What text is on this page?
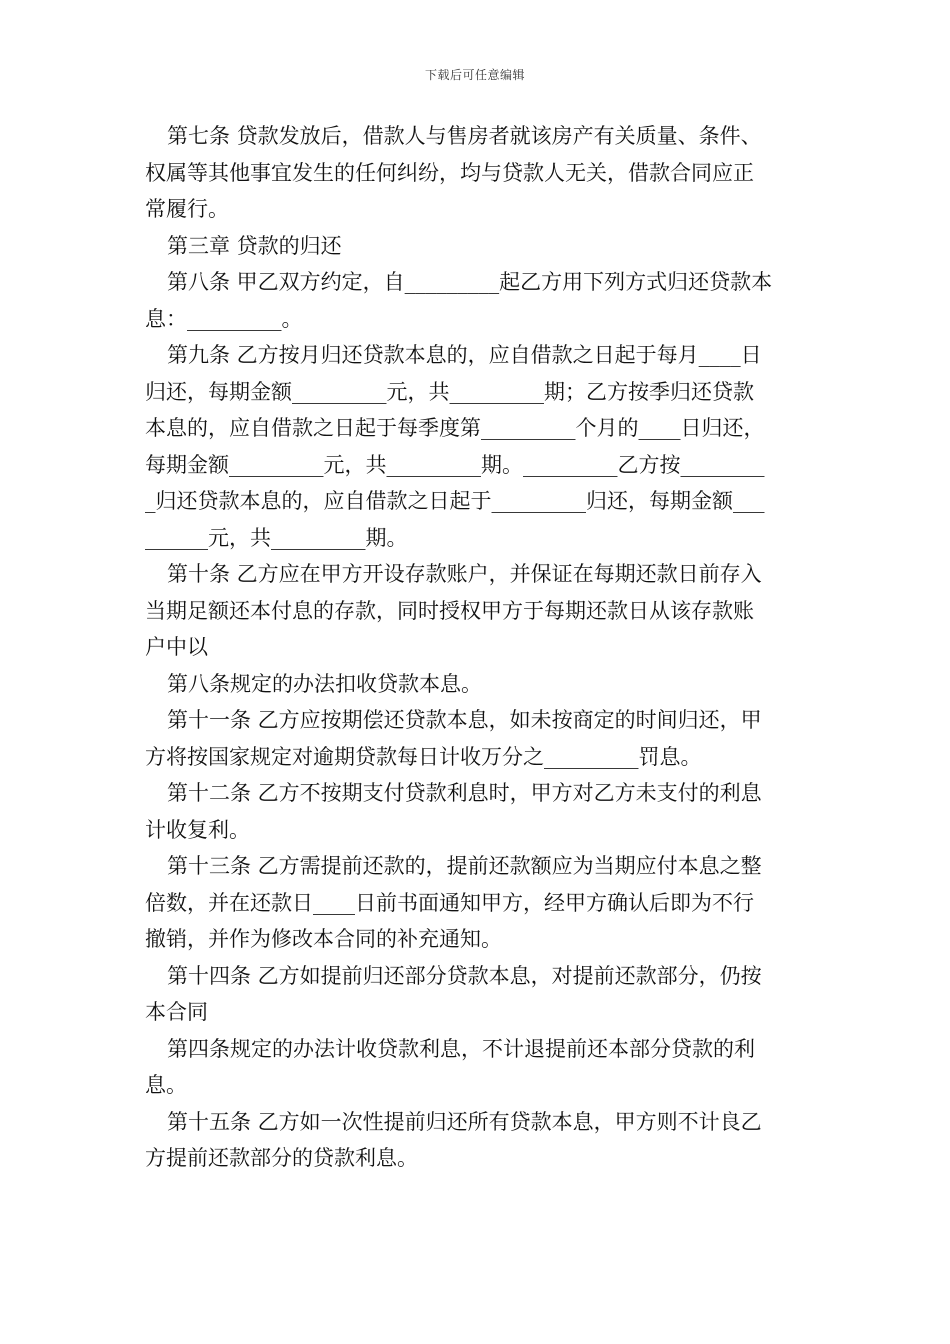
下载后可任意编辑
第七条 贷款发放后，借款人与售房者就该房产有关质量、条件、
权属等其他事宜发生的任何纠纷，均与贷款人无关，借款合同应正
常履行。
第三章 贷款的归还
第八条 甲乙双方约定，自_________起乙方用下列方式归还贷款本
息：_________。
第九条 乙方按月归还贷款本息的，应自借款之日起于每月____日
归还，每期金额_________元，共_________期；乙方按季归还贷款
本息的，应自借款之日起于每季度第_________个月的____日归还，
每期金额_________元，共_________期。_________乙方按________
_归还贷款本息的，应自借款之日起于_________归还，每期金额___
______元，共_________期。
第十条 乙方应在甲方开设存款账户，并保证在每期还款日前存入
当期足额还本付息的存款，同时授权甲方于每期还款日从该存款账
户中以
第八条规定的办法扣收贷款本息。
第十一条 乙方应按期偿还贷款本息，如未按商定的时间归还，甲
方将按国家规定对逾期贷款每日计收万分之_________罚息。
第十二条 乙方不按期支付贷款利息时，甲方对乙方未支付的利息
计收复利。
第十三条 乙方需提前还款的，提前还款额应为当期应付本息之整
倍数，并在还款日____日前书面通知甲方，经甲方确认后即为不行
撤销，并作为修改本合同的补充通知。
第十四条 乙方如提前归还部分贷款本息，对提前还款部分，仍按
本合同
第四条规定的办法计收贷款利息，不计退提前还本部分贷款的利
息。
第十五条 乙方如一次性提前归还所有贷款本息，甲方则不计良乙
方提前还款部分的贷款利息。
